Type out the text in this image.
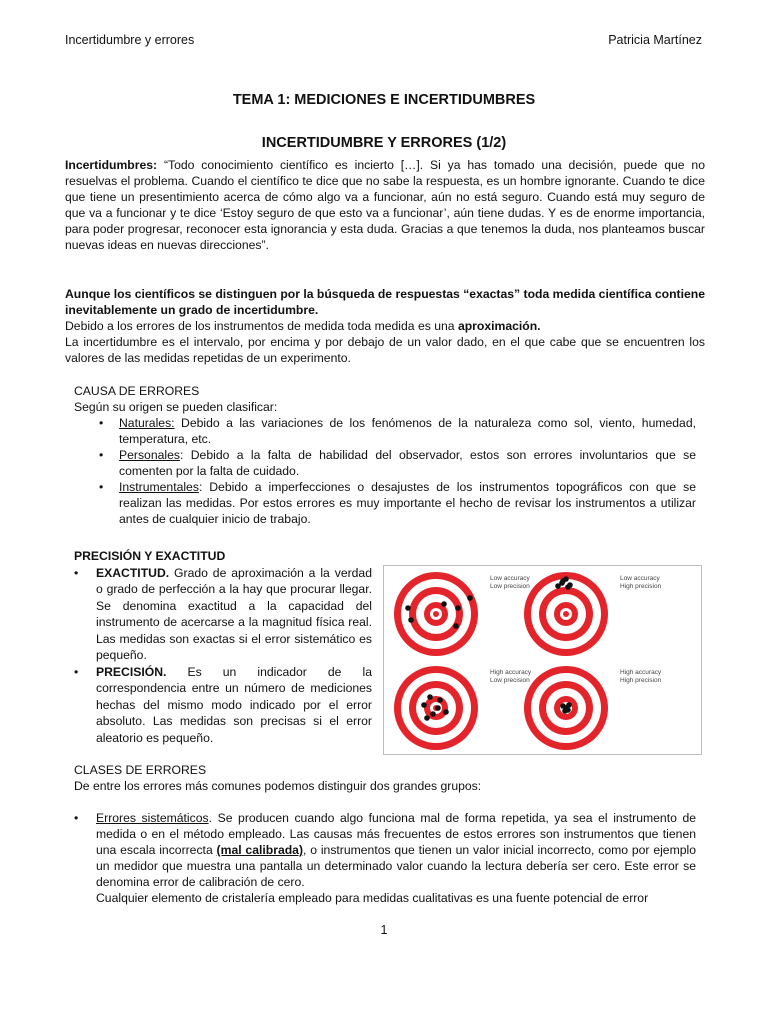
Incertidumbre y errores	Patricia Martínez
TEMA 1: MEDICIONES E INCERTIDUMBRES
INCERTIDUMBRE Y ERRORES (1/2)
Incertidumbres: “Todo conocimiento científico es incierto […]. Si ya has tomado una decisión, puede que no resuelvas el problema. Cuando el científico te dice que no sabe la respuesta, es un hombre ignorante. Cuando te dice que tiene un presentimiento acerca de cómo algo va a funcionar, aún no está seguro. Cuando está muy seguro de que va a funcionar y te dice ‘Estoy seguro de que esto va a funcionar’, aún tiene dudas. Y es de enorme importancia, para poder progresar, reconocer esta ignorancia y esta duda. Gracias a que tenemos la duda, nos planteamos buscar nuevas ideas en nuevas direcciones”.
Aunque los científicos se distinguen por la búsqueda de respuestas “exactas” toda medida científica contiene inevitablemente un grado de incertidumbre.
Debido a los errores de los instrumentos de medida toda medida es una aproximación.
La incertidumbre es el intervalo, por encima y por debajo de un valor dado, en el que cabe que se encuentren los valores de las medidas repetidas de un experimento.
CAUSA DE ERRORES
Según su origen se pueden clasificar:
• Naturales: Debido a las variaciones de los fenómenos de la naturaleza como sol, viento, humedad, temperatura, etc.
• Personales: Debido a la falta de habilidad del observador, estos son errores involuntarios que se comenten por la falta de cuidado.
• Instrumentales: Debido a imperfecciones o desajustes de los instrumentos topográficos con que se realizan las medidas. Por estos errores es muy importante el hecho de revisar los instrumentos a utilizar antes de cualquier inicio de trabajo.
PRECISIÓN Y EXACTITUD
• EXACTITUD. Grado de aproximación a la verdad o grado de perfección a la hay que procurar llegar. Se denomina exactitud a la capacidad del instrumento de acercarse a la magnitud física real. Las medidas son exactas si el error sistemático es pequeño.
• PRECISIÓN. Es un indicador de la correspondencia entre un número de mediciones hechas del mismo modo indicado por el error absoluto. Las medidas son precisas si el error aleatorio es pequeño.
Low accuracy
Low precision
Low accuracy
High precision
High accuracy
Low precision
High accuracy
High precision
CLASES DE ERRORES
De entre los errores más comunes podemos distinguir dos grandes grupos:
• Errores sistemáticos. Se producen cuando algo funciona mal de forma repetida, ya sea el instrumento de medida o en el método empleado. Las causas más frecuentes de estos errores son instrumentos que tienen una escala incorrecta (mal calibrada), o instrumentos que tienen un valor inicial incorrecto, como por ejemplo un medidor que muestra una pantalla un determinado valor cuando la lectura debería ser cero. Este error se denomina error de calibración de cero.
Cualquier elemento de cristalería empleado para medidas cualitativas es una fuente potencial de error
1
